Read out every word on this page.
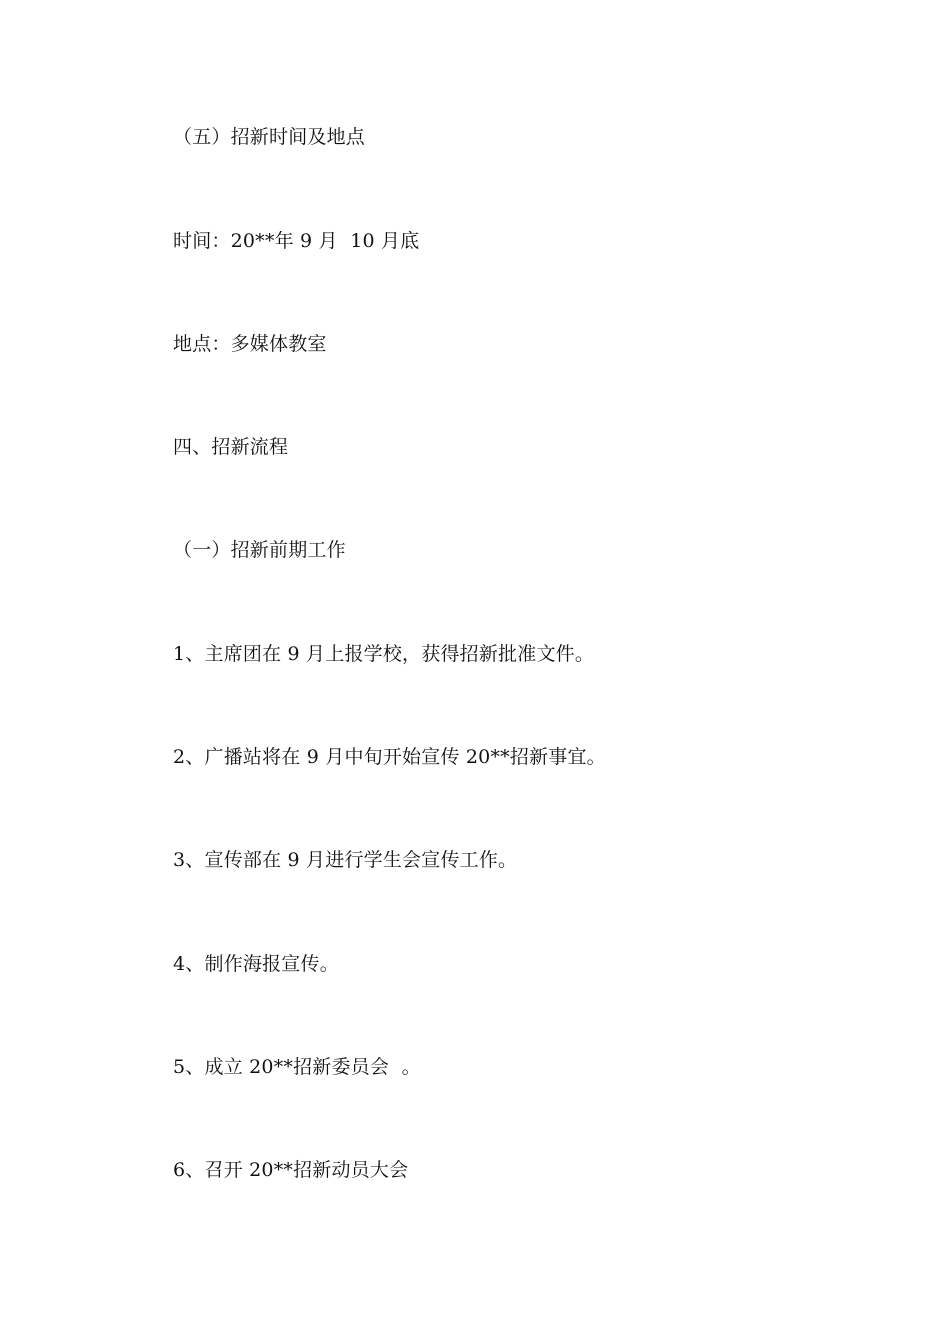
（五）招新时间及地点
时间：20**年 9 月  10 月底
地点：多媒体教室
四、招新流程
（一）招新前期工作
1、主席团在 9 月上报学校，获得招新批准文件。
2、广播站将在 9 月中旬开始宣传 20**招新事宜。
3、宣传部在 9 月进行学生会宣传工作。
4、制作海报宣传。
5、成立 20**招新委员会  。
6、召开 20**招新动员大会
